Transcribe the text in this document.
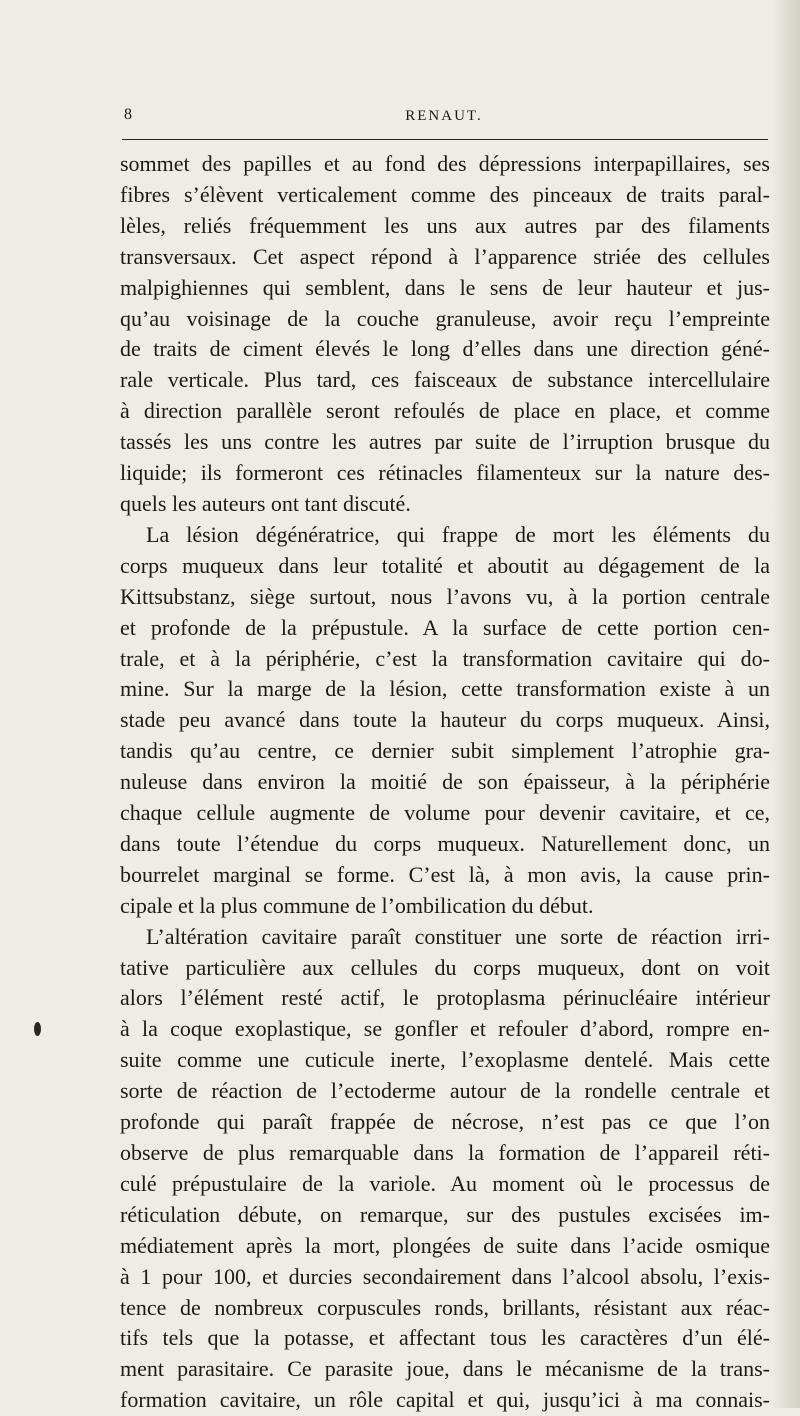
8	RENAUT.
sommet des papilles et au fond des dépressions interpapillaires, ses
fibres s’élèvent verticalement comme des pinceaux de traits paral-
lèles, reliés fréquemment les uns aux autres par des filaments
transversaux. Cet aspect répond à l’apparence striée des cellules
malpighiennes qui semblent, dans le sens de leur hauteur et jus-
qu’au voisinage de la couche granuleuse, avoir reçu l’empreinte
de traits de ciment élevés le long d’elles dans une direction géné-
rale verticale. Plus tard, ces faisceaux de substance intercellulaire
à direction parallèle seront refoulés de place en place, et comme
tassés les uns contre les autres par suite de l’irruption brusque du
liquide; ils formeront ces rétinacles filamenteux sur la nature des-
quels les auteurs ont tant discuté.
La lésion dégénératrice, qui frappe de mort les éléments du
corps muqueux dans leur totalité et aboutit au dégagement de la
Kittsubstanz, siège surtout, nous l’avons vu, à la portion centrale
et profonde de la prépustule. A la surface de cette portion cen-
trale, et à la périphérie, c’est la transformation cavitaire qui do-
mine. Sur la marge de la lésion, cette transformation existe à un
stade peu avancé dans toute la hauteur du corps muqueux. Ainsi,
tandis qu’au centre, ce dernier subit simplement l’atrophie gra-
nuleuse dans environ la moitié de son épaisseur, à la périphérie
chaque cellule augmente de volume pour devenir cavitaire, et ce,
dans toute l’étendue du corps muqueux. Naturellement donc, un
bourrelet marginal se forme. C’est là, à mon avis, la cause prin-
cipale et la plus commune de l’ombilication du début.
L’altération cavitaire paraît constituer une sorte de réaction irri-
tative particulière aux cellules du corps muqueux, dont on voit
alors l’élément resté actif, le protoplasma périnucléaire intérieur
à la coque exoplastique, se gonfler et refouler d’abord, rompre en-
suite comme une cuticule inerte, l’exoplasme dentelé. Mais cette
sorte de réaction de l’ectoderme autour de la rondelle centrale et
profonde qui paraît frappée de nécrose, n’est pas ce que l’on
observe de plus remarquable dans la formation de l’appareil réti-
culé prépustulaire de la variole. Au moment où le processus de
réticulation débute, on remarque, sur des pustules excisées im-
médiatement après la mort, plongées de suite dans l’acide osmique
à 1 pour 100, et durcies secondairement dans l’alcool absolu, l’exis-
tence de nombreux corpuscules ronds, brillants, résistant aux réac-
tifs tels que la potasse, et affectant tous les caractères d’un élé-
ment parasitaire. Ce parasite joue, dans le mécanisme de la trans-
formation cavitaire, un rôle capital et qui, jusqu’ici à ma connais-
